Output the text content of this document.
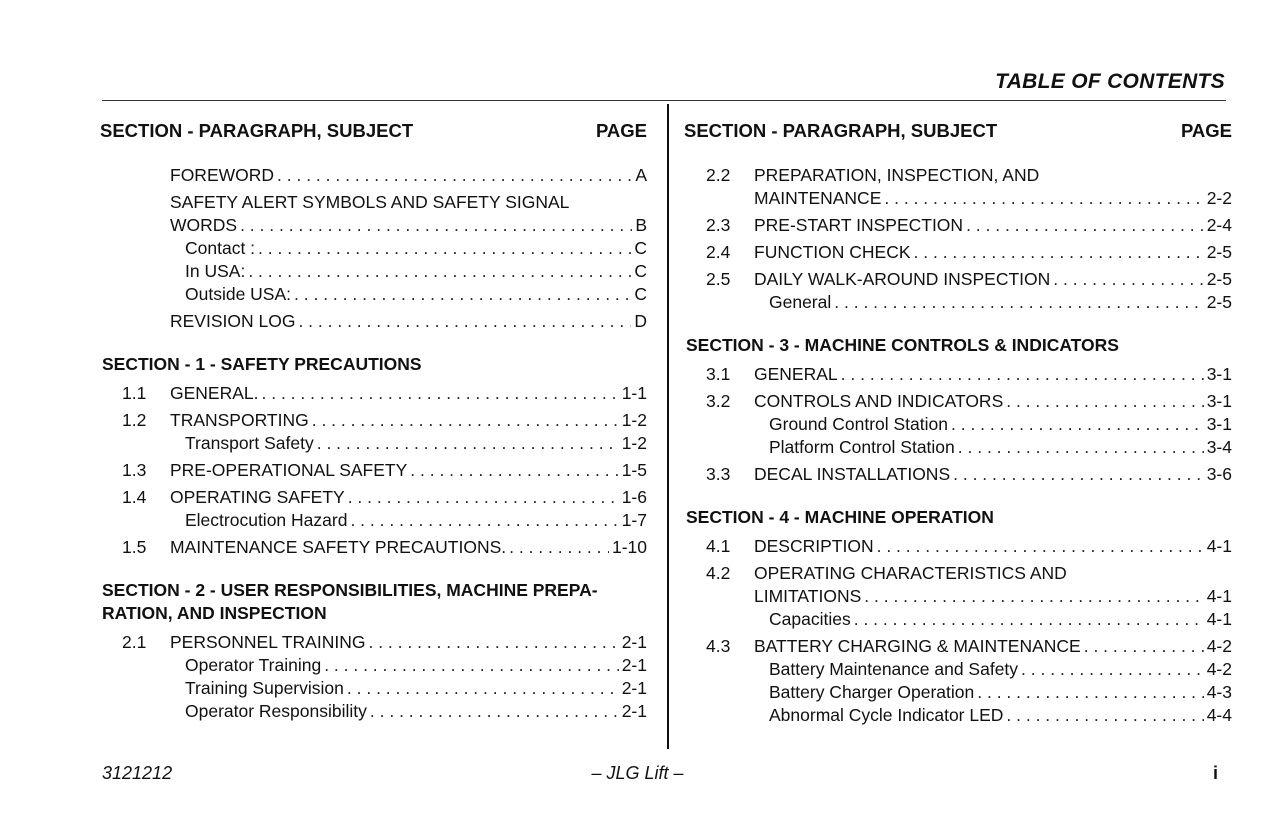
TABLE OF CONTENTS
SECTION - PARAGRAPH, SUBJECT	PAGE
FOREWORD . . .	A
SAFETY ALERT SYMBOLS AND SAFETY SIGNAL
WORDS . . .	B
Contact : . . .	C
In USA: . . .	C
Outside USA: . . .	C
REVISION LOG . . .	D
SECTION - 1 - SAFETY PRECAUTIONS
1.1	GENERAL. . . .	1-1
1.2	TRANSPORTING . . .	1-2
Transport Safety . . .	1-2
1.3	PRE-OPERATIONAL SAFETY . . .	1-5
1.4	OPERATING SAFETY . . .	1-6
Electrocution Hazard . . .	1-7
1.5	MAINTENANCE SAFETY PRECAUTIONS. . . .	1-10
SECTION - 2 - USER RESPONSIBILITIES, MACHINE PREPA-RATION, AND INSPECTION
2.1	PERSONNEL TRAINING . . .	2-1
Operator Training . . .	2-1
Training Supervision . . .	2-1
Operator Responsibility . . .	2-1
SECTION - PARAGRAPH, SUBJECT	PAGE
2.2	PREPARATION, INSPECTION, AND
MAINTENANCE . . .	2-2
2.3	PRE-START INSPECTION . . .	2-4
2.4	FUNCTION CHECK . . .	2-5
2.5	DAILY WALK-AROUND INSPECTION . . .	2-5
General . . .	2-5
SECTION - 3 - MACHINE CONTROLS & INDICATORS
3.1	GENERAL . . .	3-1
3.2	CONTROLS AND INDICATORS . . .	3-1
Ground Control Station . . .	3-1
Platform Control Station . . .	3-4
3.3	DECAL INSTALLATIONS . . .	3-6
SECTION - 4 - MACHINE OPERATION
4.1	DESCRIPTION . . .	4-1
4.2	OPERATING CHARACTERISTICS AND
LIMITATIONS . . .	4-1
Capacities . . .	4-1
4.3	BATTERY CHARGING & MAINTENANCE . . .	4-2
Battery Maintenance and Safety . . .	4-2
Battery Charger Operation . . .	4-3
Abnormal Cycle Indicator LED . . .	4-4
3121212	– JLG Lift –	i
